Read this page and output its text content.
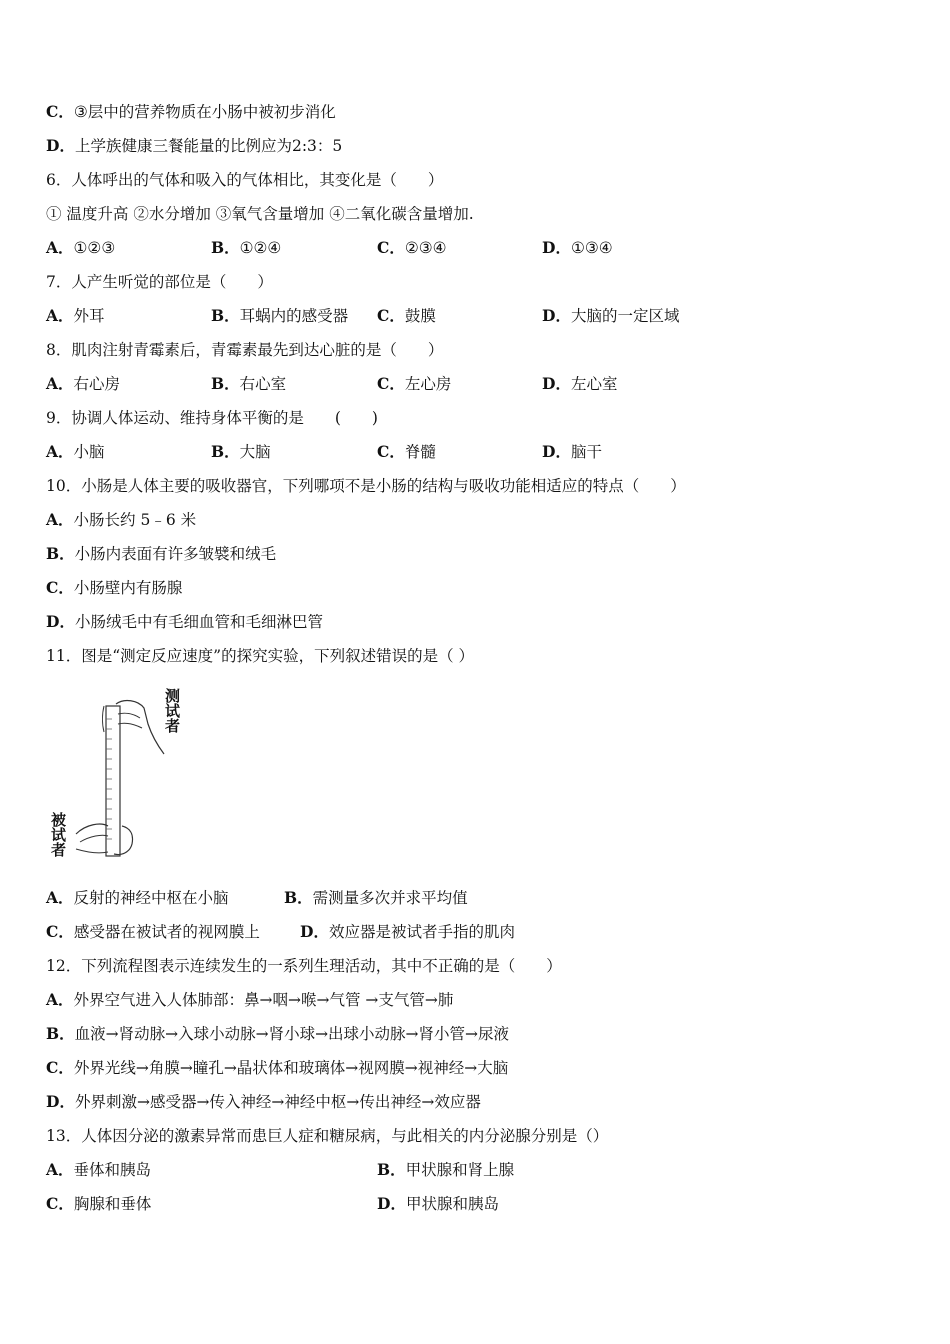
C．③层中的营养物质在小肠中被初步消化
D．上学族健康三餐能量的比例应为2:3：5
6．人体呼出的气体和吸入的气体相比，其变化是（　　）
① 温度升高 ②水分增加 ③氧气含量增加 ④二氧化碳含量增加.
A．①②③	B．①②④	C．②③④	D．①③④
7．人产生听觉的部位是（　　）
A．外耳	B．耳蜗内的感受器 C．鼓膜	D．大脑的一定区域
8．肌肉注射青霉素后，青霉素最先到达心脏的是（　　）
A．右心房	B．右心室	C．左心房	D．左心室
9．协调人体运动、维持身体平衡的是　　(　　)
A．小脑	B．大脑	C．脊髓	D．脑干
10．小肠是人体主要的吸收器官，下列哪项不是小肠的结构与吸收功能相适应的特点（　　）
A．小肠长约 5﹣6 米
B．小肠内表面有许多皱襞和绒毛
C．小肠壁内有肠腺
D．小肠绒毛中有毛细血管和毛细淋巴管
11．图是“测定反应速度”的探究实验，下列叙述错误的是（ ）
测试者
被试者
A．反射的神经中枢在小脑	B．需测量多次并求平均值
C．感受器在被试者的视网膜上	D．效应器是被试者手指的肌肉
12．下列流程图表示连续发生的一系列生理活动，其中不正确的是（　　）
A．外界空气进入人体肺部：鼻→咽→喉→气管 →支气管→肺
B．血液→肾动脉→入球小动脉→肾小球→出球小动脉→肾小管→尿液
C．外界光线→角膜→瞳孔→晶状体和玻璃体→视网膜→视神经→大脑
D．外界刺激→感受器→传入神经→神经中枢→传出神经→效应器
13．人体因分泌的激素异常而患巨人症和糖尿病，与此相关的内分泌腺分别是（）
A．垂体和胰岛	B．甲状腺和肾上腺
C．胸腺和垂体	D．甲状腺和胰岛
